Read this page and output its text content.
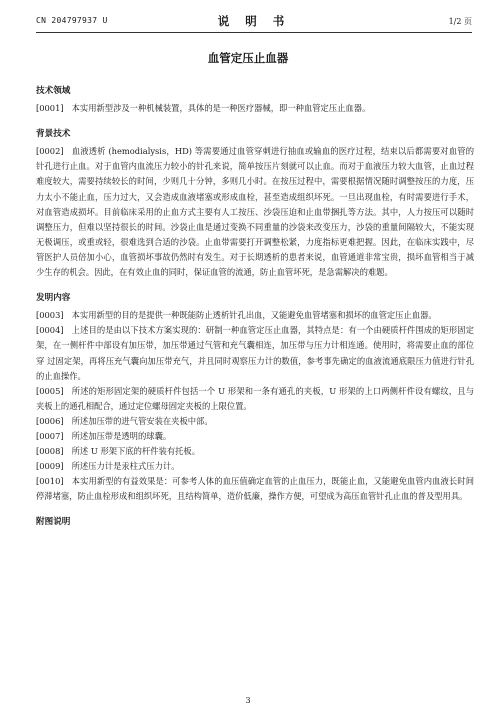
CN 204797937 U	说 明 书	1/2 页
血管定压止血器
技术领域

[0001] 本实用新型涉及一种机械装置，具体的是一种医疗器械，即一种血管定压止血器。

背景技术

[0002] 血液透析 (hemodialysis，HD) 等需要通过血管穿刺进行抽血或输血的医疗过程，结束以后都需要对血管的针孔进行止血。对于血管内血流压力较小的针孔来说，简单按压片刻就可以止血。而对于血液压力较大血管，止血过程难度较大，需要持续较长的时间，少则几十分钟，多则几小时。在按压过程中，需要根据情况随时调整按压的力度，压力太小不能止血，压力过大，又会造成血液堵塞或形成血栓，甚至造成组织坏死。一旦出现血栓，有时需要进行手术，对血管造成损坏。目前临床采用的止血方式主要有人工按压、沙袋压迫和止血带捆扎等方法。其中，人力按压可以随时调整压力，但难以坚持很长的时间。沙袋止血是通过变换不同重量的沙袋来改变压力，沙袋的重量间隔较大，不能实现无极调压，或重或轻，很难选到合适的沙袋。止血带需要打开调整松紧，力度指标更难把握。因此，在临床实践中，尽管医护人员倍加小心，血管损坏事故仍然时有发生。对于长期透析的患者来说，血管通道非常宝贵，损坏血管相当于减少生存的机会。因此，在有效止血的同时，保证血管的流通，防止血管坏死，是急需解决的难题。

发明内容

[0003] 本实用新型的目的是提供一种既能防止透析针孔出血，又能避免血管堵塞和损坏的血管定压止血器。

[0004] 上述目的是由以下技术方案实现的：研制一种血管定压止血器，其特点是：有一个由硬质杆件围成的矩形固定架，在一侧杆件中部设有加压带，加压带通过气管和充气囊相连，加压带与压力计相连通。使用时，将需要止血的部位穿 过固定架，再将压充气囊向加压带充气，并且同时观察压力计的数值，参考事先确定的血液流通底限压力值进行针孔的止血操作。

[0005] 所述的矩形固定架的硬质杆件包括一个 U 形架和一条有通孔的夹板，U 形架的上口两侧杆件设有螺纹，且与夹板上的通孔相配合，通过定位螺母固定夹板的上限位置。

[0006] 所述加压带的进气管安装在夹板中部。

[0007] 所述加压带是透明的球囊。

[0008] 所述 U 形架下底的杆件装有托板。

[0009] 所述压力计是汞柱式压力计。

[0010] 本实用新型的有益效果是：可参考人体的血压值确定血管的止血压力，既能止血，又能避免血管内血液长时间停滞堵塞，防止血栓形成和组织坏死，且结构简单，造价低廉，操作方便，可望成为高压血管针孔止血的普及型用具。

附图说明
3
